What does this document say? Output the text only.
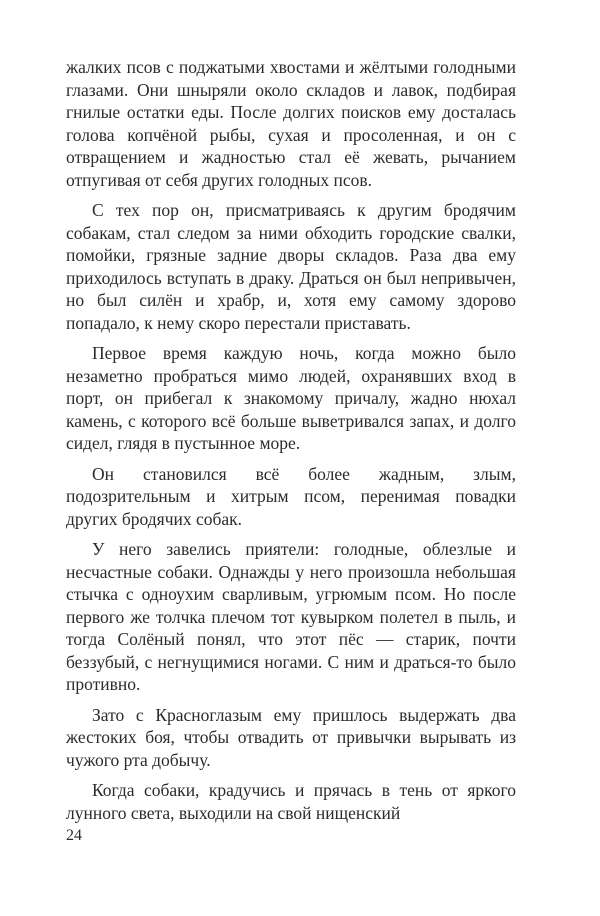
жалких псов с поджатыми хвостами и жёлтыми голодными глазами. Они шныряли около складов и лавок, подбирая гнилые остатки еды. После долгих поисков ему досталась голова копчёной рыбы, сухая и просоленная, и он с отвращением и жадностью стал её жевать, рычанием отпугивая от себя других голодных псов.

С тех пор он, присматриваясь к другим бродячим собакам, стал следом за ними обходить городские свалки, помойки, грязные задние дворы складов. Раза два ему приходилось вступать в драку. Драться он был непривычен, но был силён и храбр, и, хотя ему самому здорово попадало, к нему скоро перестали приставать.

Первое время каждую ночь, когда можно было незаметно пробраться мимо людей, охранявших вход в порт, он прибегал к знакомому причалу, жадно нюхал камень, с которого всё больше выветривался запах, и долго сидел, глядя в пустынное море.

Он становился всё более жадным, злым, подозрительным и хитрым псом, перенимая повадки других бродячих собак.

У него завелись приятели: голодные, облезлые и несчастные собаки. Однажды у него произошла небольшая стычка с одноухим сварливым, угрюмым псом. Но после первого же толчка плечом тот кувырком полетел в пыль, и тогда Солёный понял, что этот пёс — старик, почти беззубый, с негнущимися ногами. С ним и драться-то было противно.

Зато с Красноглазым ему пришлось выдержать два жестоких боя, чтобы отвадить от привычки вырывать из чужого рта добычу.

Когда собаки, крадучись и прячась в тень от яркого лунного света, выходили на свой нищенский

24
